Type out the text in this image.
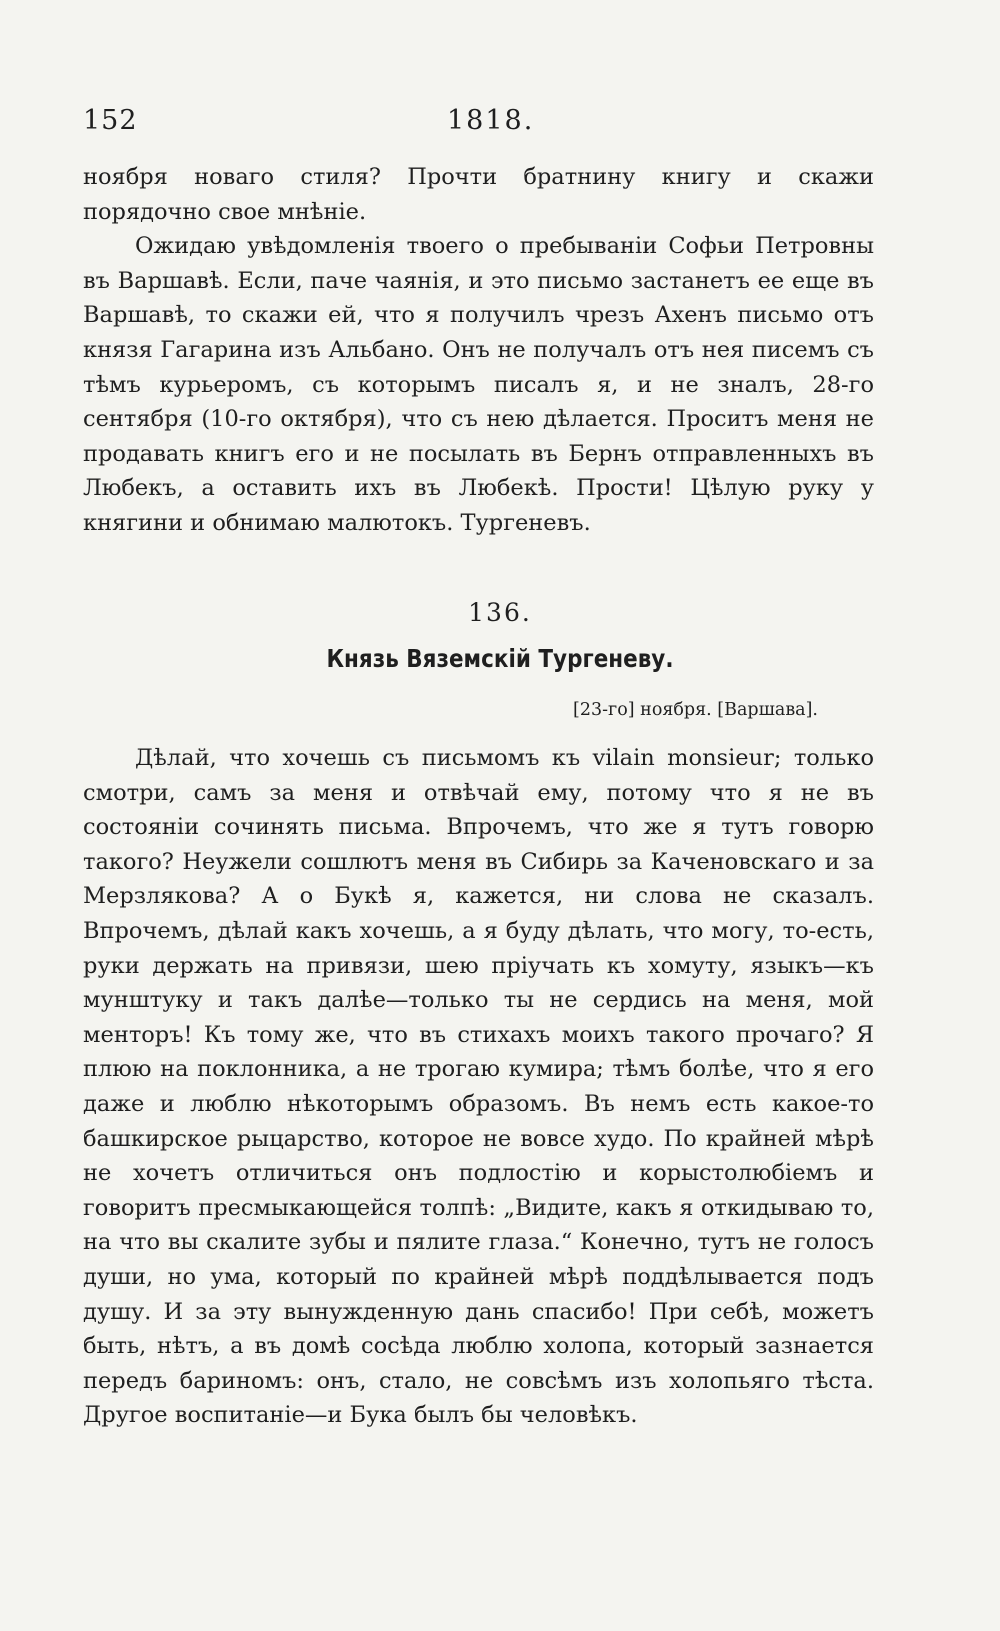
152	1818.

ноября новаго стиля? Прочти братнину книгу и скажи порядочно свое мнѣніе.

Ожидаю увѣдомленія твоего о пребываніи Софьи Петровны въ Варшавѣ. Если, паче чаянія, и это письмо застанетъ ее еще въ Варшавѣ, то скажи ей, что я получилъ чрезъ Ахенъ письмо отъ князя Гагарина изъ Альбано. Онъ не получалъ отъ нея писемъ съ тѣмъ курьеромъ, съ которымъ писалъ я, и не зналъ, 28-го сентября (10-го октября), что съ нею дѣлается. Проситъ меня не продавать книгъ его и не посылать въ Бернъ отправленныхъ въ Любекъ, а оставить ихъ въ Любекѣ. Прости! Цѣлую руку у княгини и обнимаю малютокъ. Тургеневъ.

136.
Князь Вяземскій Тургеневу.
[23-го] ноября. [Варшава].

Дѣлай, что хочешь съ письмомъ къ vilain monsieur; только смотри, самъ за меня и отвѣчай ему, потому что я не въ состояніи сочинять письма. Впрочемъ, что же я тутъ говорю такого? Неужели сошлютъ меня въ Сибирь за Каченовскаго и за Мерзлякова? А о Букѣ я, кажется, ни слова не сказалъ. Впрочемъ, дѣлай какъ хочешь, а я буду дѣлать, что могу, то-есть, руки держать на привязи, шею пріучать къ хомуту, языкъ—къ мунштуку и такъ далѣе—только ты не сердись на меня, мой менторъ! Къ тому же, что въ стихахъ моихъ такого прочаго? Я плюю на поклонника, а не трогаю кумира; тѣмъ болѣе, что я его даже и люблю нѣкоторымъ образомъ. Въ немъ есть какое-то башкирское рыцарство, которое не вовсе худо. По крайней мѣрѣ не хочетъ отличиться онъ подлостію и корыстолюбіемъ и говоритъ пресмыкающейся толпѣ: „Видите, какъ я откидываю то, на что вы скалите зубы и пялите глаза.“ Конечно, тутъ не голосъ души, но ума, который по крайней мѣрѣ поддѣлывается подъ душу. И за эту вынужденную дань спасибо! При себѣ, можетъ быть, нѣтъ, а въ домѣ сосѣда люблю холопа, который зазнается передъ бариномъ: онъ, стало, не совсѣмъ изъ холопьяго тѣста. Другое воспитаніе—и Бука былъ бы человѣкъ.
